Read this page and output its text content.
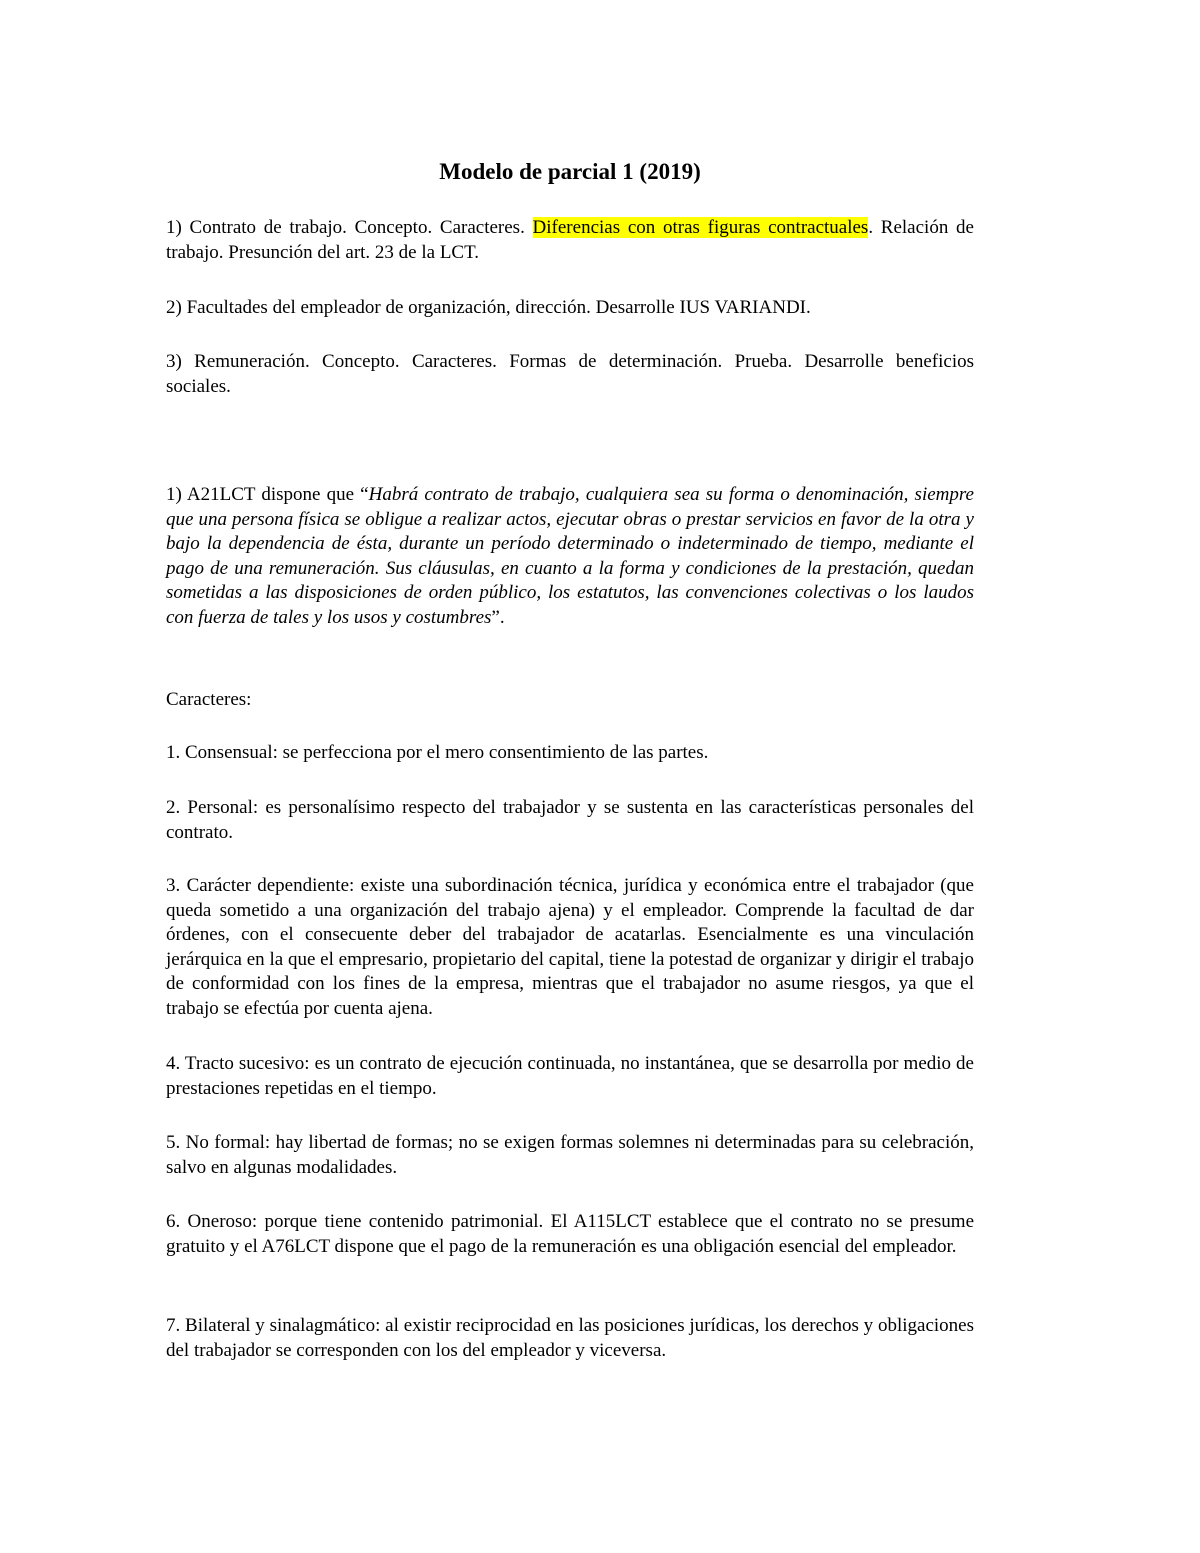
Modelo de parcial 1 (2019)

1) Contrato de trabajo. Concepto. Caracteres. Diferencias con otras figuras contractuales. Relación de trabajo. Presunción del art. 23 de la LCT.

2) Facultades del empleador de organización, dirección. Desarrolle IUS VARIANDI.

3) Remuneración. Concepto. Caracteres. Formas de determinación. Prueba. Desarrolle beneficios sociales.

1) A21LCT dispone que “Habrá contrato de trabajo, cualquiera sea su forma o denominación, siempre que una persona física se obligue a realizar actos, ejecutar obras o prestar servicios en favor de la otra y bajo la dependencia de ésta, durante un período determinado o indeterminado de tiempo, mediante el pago de una remuneración. Sus cláusulas, en cuanto a la forma y condiciones de la prestación, quedan sometidas a las disposiciones de orden público, los estatutos, las convenciones colectivas o los laudos con fuerza de tales y los usos y costumbres”.

Caracteres:

1. Consensual: se perfecciona por el mero consentimiento de las partes.

2. Personal: es personalísimo respecto del trabajador y se sustenta en las características personales del contrato.

3. Carácter dependiente: existe una subordinación técnica, jurídica y económica entre el trabajador (que queda sometido a una organización del trabajo ajena) y el empleador. Comprende la facultad de dar órdenes, con el consecuente deber del trabajador de acatarlas. Esencialmente es una vinculación jerárquica en la que el empresario, propietario del capital, tiene la potestad de organizar y dirigir el trabajo de conformidad con los fines de la empresa, mientras que el trabajador no asume riesgos, ya que el trabajo se efectúa por cuenta ajena.

4. Tracto sucesivo: es un contrato de ejecución continuada, no instantánea, que se desarrolla por medio de prestaciones repetidas en el tiempo.

5. No formal: hay libertad de formas; no se exigen formas solemnes ni determinadas para su celebración, salvo en algunas modalidades.

6. Oneroso: porque tiene contenido patrimonial. El A115LCT establece que el contrato no se presume gratuito y el A76LCT dispone que el pago de la remuneración es una obligación esencial del empleador.

7. Bilateral y sinalagmático: al existir reciprocidad en las posiciones jurídicas, los derechos y obligaciones del trabajador se corresponden con los del empleador y viceversa.
